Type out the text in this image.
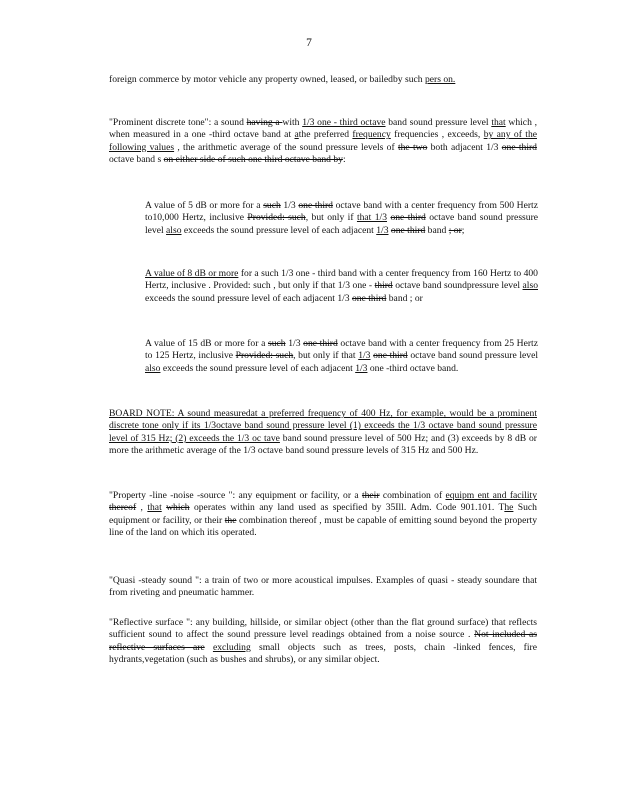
7
foreign commerce by motor vehicle any property owned, leased, or bailedby such pers on.
"Prominent discrete tone": a sound having a with 1/3 one - third octave band sound pressure level that which , when measured in a one -third octave band at athe preferred frequency frequencies , exceeds, by any of the following values , the arithmetic average of the sound pressure levels of the two both adjacent 1/3 one third octave band s on either side of such one third octave band by:
A value of 5 dB or more for a such 1/3 one third octave band with a center frequency from 500 Hertz to10,000 Hertz, inclusive Provided: such, but only if that 1/3 one third octave band sound pressure level also exceeds the sound pressure level of each adjacent 1/3 one third band ; or;
A value of 8 dB or more for a such 1/3 one - third band with a center frequency from 160 Hertz to 400 Hertz, inclusive . Provided: such , but only if that 1/3 one - third octave band soundpressure level also exceeds the sound pressure level of each adjacent 1/3 one third band ; or
A value of 15 dB or more for a such 1/3 one third octave band with a center frequency from 25 Hertz to 125 Hertz, inclusive Provided: such, but only if that 1/3 one third octave band sound pressure level also exceeds the sound pressure level of each adjacent 1/3 one -third octave band.
BOARD NOTE: A sound measuredat a preferred frequency of 400 Hz, for example, would be a prominent discrete tone only if its 1/3octave band sound pressure level (1) exceeds the 1/3 octave band sound pressure level of 315 Hz; (2) exceeds the 1/3 oc tave band sound pressure level of 500 Hz; and (3) exceeds by 8 dB or more the arithmetic average of the 1/3 octave band sound pressure levels of 315 Hz and 500 Hz.
"Property -line -noise -source ": any equipment or facility, or a their combination of equipm ent and facility thereof , that which operates within any land used as specified by 35Ill. Adm. Code 901.101. The Such equipment or facility, or their the combination thereof , must be capable of emitting sound beyond the property line of the land on which itis operated.
"Quasi -steady sound ": a train of two or more acoustical impulses. Examples of quasi - steady soundare that from riveting and pneumatic hammer.
"Reflective surface ": any building, hillside, or similar object (other than the flat ground surface) that reflects sufficient sound to affect the sound pressure level readings obtained from a noise source . Not included as reflective surfaces are excluding small objects such as trees, posts, chain -linked fences, fire hydrants,vegetation (such as bushes and shrubs), or any similar object.
